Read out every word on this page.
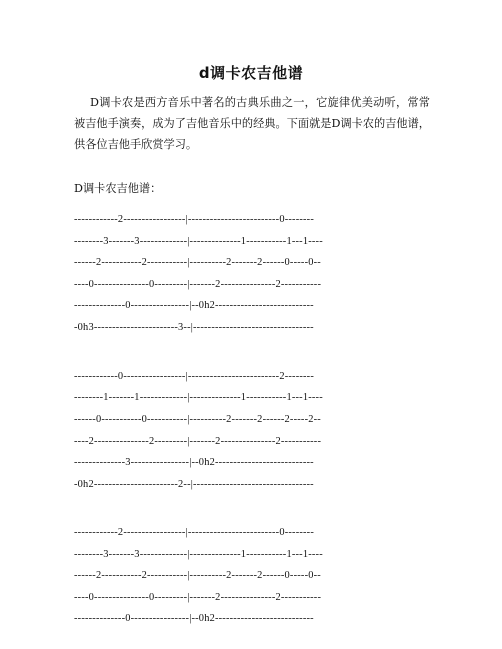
d调卡农吉他谱
D调卡农是西方音乐中著名的古典乐曲之一，它旋律优美动听，常常被吉他手演奏，成为了吉他音乐中的经典。下面就是D调卡农的吉他谱，供各位吉他手欣赏学习。
D调卡农吉他谱：
------------2-----------------|-------------------------0--------
--------3-------3-------------|--------------1-----------1---1----
------2-----------2-----------|----------2-------2------0-----0--
----0---------------0---------|-------2---------------2-----------
--------------0----------------|--0h2---------------------------
-0h3-----------------------3--|---------------------------------
------------0-----------------|-------------------------2--------
--------1-------1-------------|--------------1-----------1---1----
------0-----------0-----------|----------2-------2------2-----2--
----2---------------2---------|-------2---------------2-----------
--------------3----------------|--0h2---------------------------
-0h2-----------------------2--|---------------------------------
------------2-----------------|-------------------------0--------
--------3-------3-------------|--------------1-----------1---1----
------2-----------2-----------|----------2-------2------0-----0--
----0---------------0---------|-------2---------------2-----------
--------------0----------------|--0h2---------------------------
